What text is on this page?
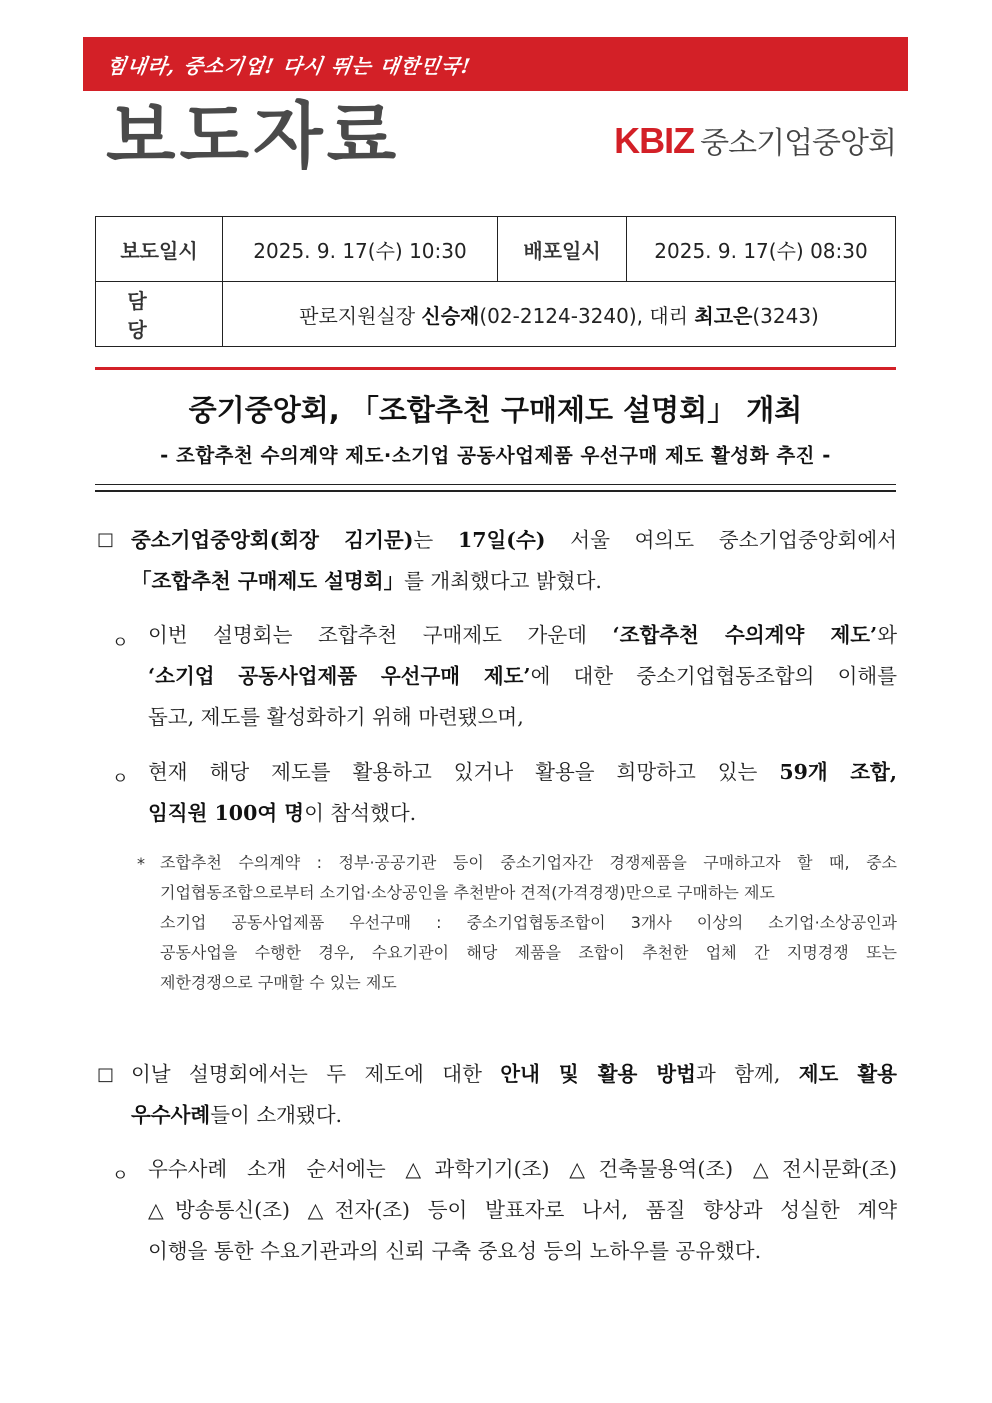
힘내라, 중소기업! 다시 뛰는 대한민국!
보도자료	KBIZ 중소기업중앙회
보도일시	2025. 9. 17(수) 10:30	배포일시	2025. 9. 17(수) 08:30
담 당	판로지원실장 신승재(02-2124-3240), 대리 최고은(3243)		
중기중앙회, 「조합추천 구매제도 설명회」 개최
- 조합추천 수의계약 제도·소기업 공동사업제품 우선구매 제도 활성화 추진 -
□ 중소기업중앙회(회장 김기문)는 17일(수) 서울 여의도 중소기업중앙회에서
「조합추천 구매제도 설명회」를 개최했다고 밝혔다.
ㅇ 이번 설명회는 조합추천 구매제도 가운데 ‘조합추천 수의계약 제도’와
‘소기업 공동사업제품 우선구매 제도’에 대한 중소기업협동조합의 이해를
돕고, 제도를 활성화하기 위해 마련됐으며,
ㅇ 현재 해당 제도를 활용하고 있거나 활용을 희망하고 있는 59개 조합,
임직원 100여 명이 참석했다.
* 조합추천 수의계약 : 정부·공공기관 등이 중소기업자간 경쟁제품을 구매하고자 할 때, 중소
기업협동조합으로부터 소기업·소상공인을 추천받아 견적(가격경쟁)만으로 구매하는 제도
소기업 공동사업제품 우선구매 : 중소기업협동조합이 3개사 이상의 소기업·소상공인과
공동사업을 수행한 경우, 수요기관이 해당 제품을 조합이 추천한 업체 간 지명경쟁 또는
제한경쟁으로 구매할 수 있는 제도
□ 이날 설명회에서는 두 제도에 대한 안내 및 활용 방법과 함께, 제도 활용
우수사례들이 소개됐다.
ㅇ 우수사례 소개 순서에는 △과학기기(조) △건축물용역(조) △전시문화(조)
△방송통신(조) △전자(조) 등이 발표자로 나서, 품질 향상과 성실한 계약
이행을 통한 수요기관과의 신뢰 구축 중요성 등의 노하우를 공유했다.
